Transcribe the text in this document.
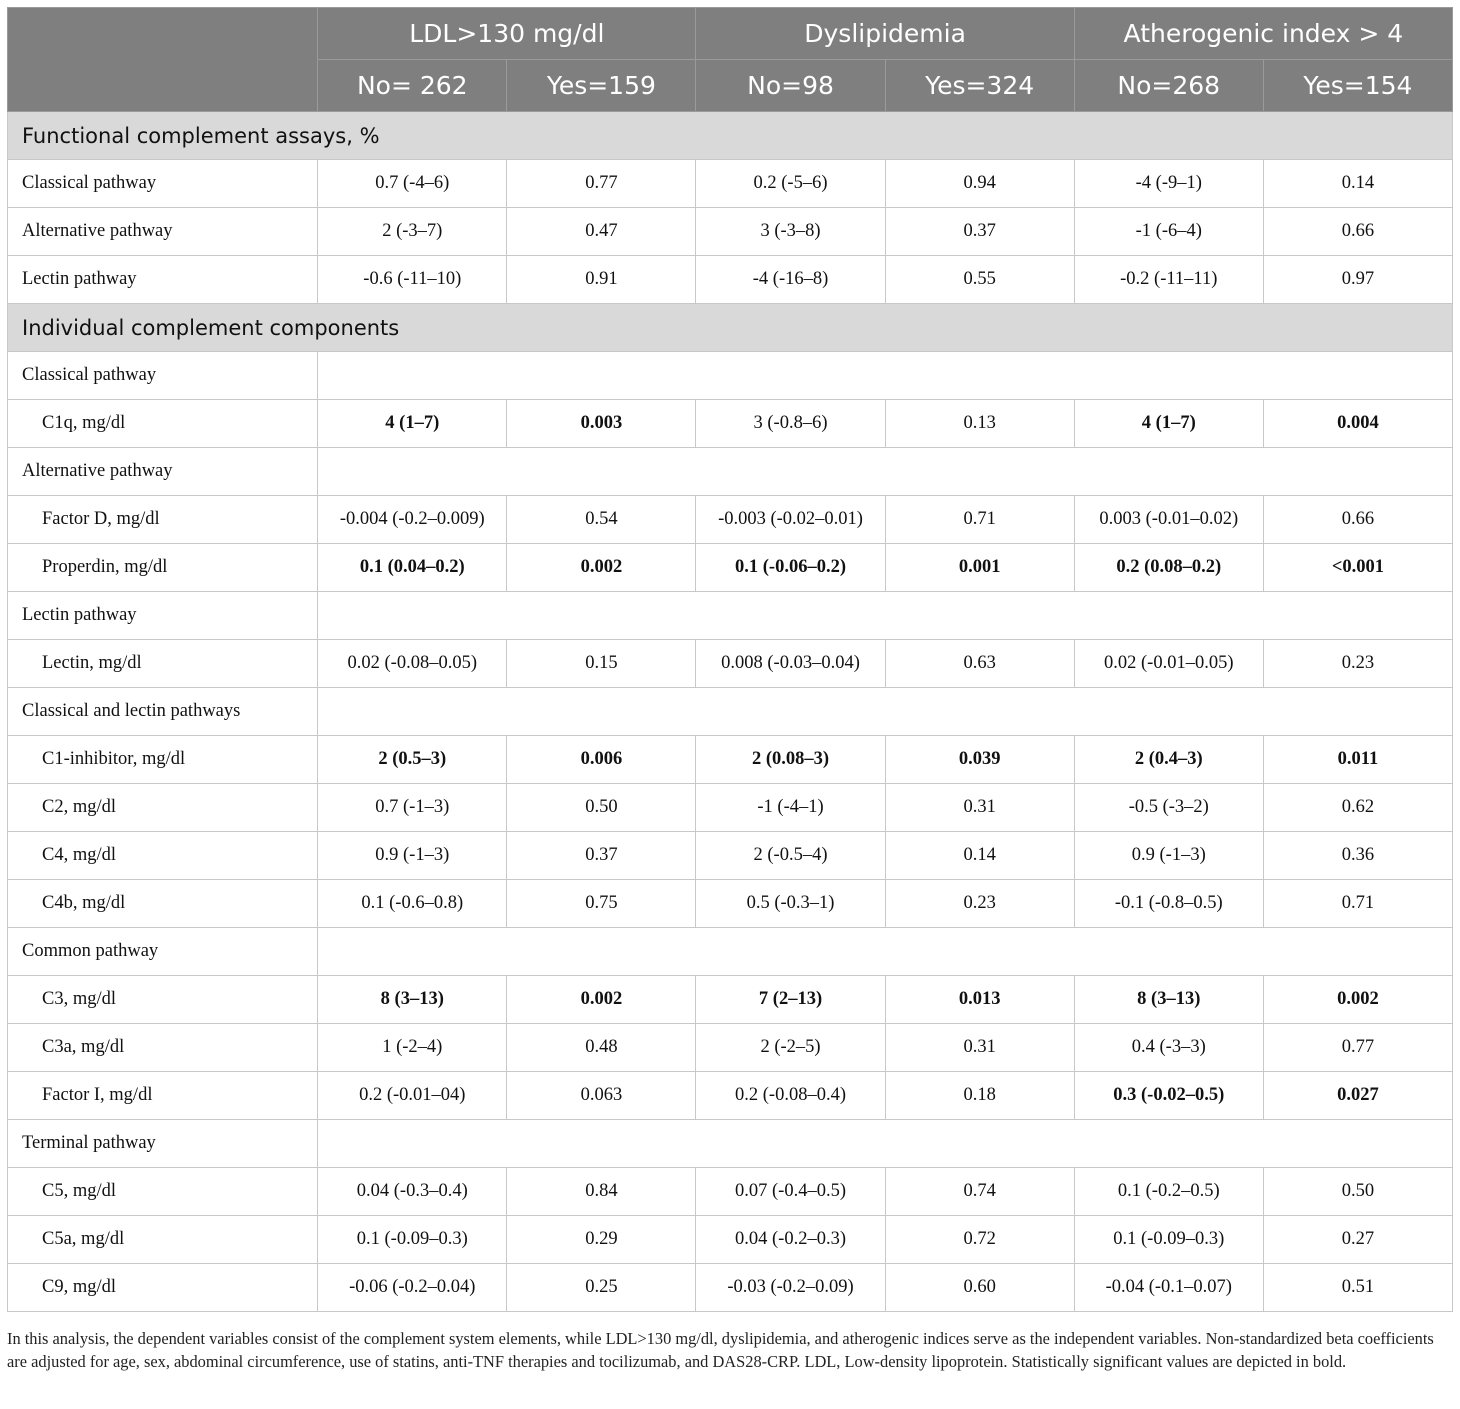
	LDL>130 mg/dl		Dyslipidemia		Atherogenic index > 4	
	No= 262	Yes=159	No=98	Yes=324	No=268	Yes=154
Functional complement assays, %						
Classical pathway	0.7 (-4–6)	0.77	0.2 (-5–6)	0.94	-4 (-9–1)	0.14
Alternative pathway	2 (-3–7)	0.47	3 (-3–8)	0.37	-1 (-6–4)	0.66
Lectin pathway	-0.6 (-11–10)	0.91	-4 (-16–8)	0.55	-0.2 (-11–11)	0.97
Individual complement components						
Classical pathway						
C1q, mg/dl	4 (1–7)	0.003	3 (-0.8–6)	0.13	4 (1–7)	0.004
Alternative pathway						
Factor D, mg/dl	-0.004 (-0.2–0.009)	0.54	-0.003 (-0.02–0.01)	0.71	0.003 (-0.01–0.02)	0.66
Properdin, mg/dl	0.1 (0.04–0.2)	0.002	0.1 (-0.06–0.2)	0.001	0.2 (0.08–0.2)	<0.001
Lectin pathway						
Lectin, mg/dl	0.02 (-0.08–0.05)	0.15	0.008 (-0.03–0.04)	0.63	0.02 (-0.01–0.05)	0.23
Classical and lectin pathways						
C1-inhibitor, mg/dl	2 (0.5–3)	0.006	2 (0.08–3)	0.039	2 (0.4–3)	0.011
C2, mg/dl	0.7 (-1–3)	0.50	-1 (-4–1)	0.31	-0.5 (-3–2)	0.62
C4, mg/dl	0.9 (-1–3)	0.37	2 (-0.5–4)	0.14	0.9 (-1–3)	0.36
C4b, mg/dl	0.1 (-0.6–0.8)	0.75	0.5 (-0.3–1)	0.23	-0.1 (-0.8–0.5)	0.71
Common pathway						
C3, mg/dl	8 (3–13)	0.002	7 (2–13)	0.013	8 (3–13)	0.002
C3a, mg/dl	1 (-2–4)	0.48	2 (-2–5)	0.31	0.4 (-3–3)	0.77
Factor I, mg/dl	0.2 (-0.01–04)	0.063	0.2 (-0.08–0.4)	0.18	0.3 (-0.02–0.5)	0.027
Terminal pathway						
C5, mg/dl	0.04 (-0.3–0.4)	0.84	0.07 (-0.4–0.5)	0.74	0.1 (-0.2–0.5)	0.50
C5a, mg/dl	0.1 (-0.09–0.3)	0.29	0.04 (-0.2–0.3)	0.72	0.1 (-0.09–0.3)	0.27
C9, mg/dl	-0.06 (-0.2–0.04)	0.25	-0.03 (-0.2–0.09)	0.60	-0.04 (-0.1–0.07)	0.51

In this analysis, the dependent variables consist of the complement system elements, while LDL>130 mg/dl, dyslipidemia, and atherogenic indices serve as the independent variables. Non-standardized beta coefficients are adjusted for age, sex, abdominal circumference, use of statins, anti-TNF therapies and tocilizumab, and DAS28-CRP. LDL, Low-density lipoprotein. Statistically significant values are depicted in bold.
